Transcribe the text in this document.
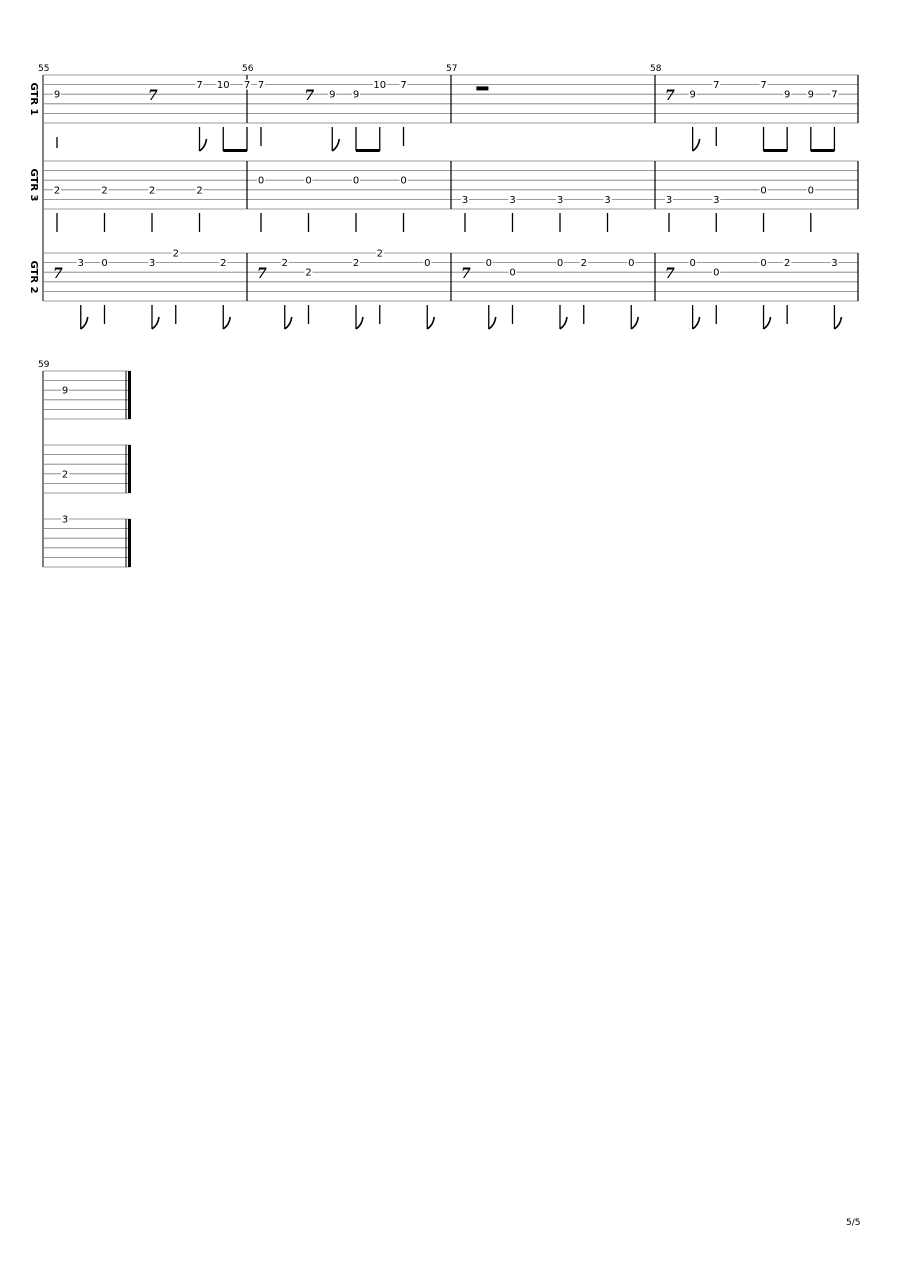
GTR 1
GTR 3
GTR 2
55
9	7
7 10 7
2	2	2	2
7
3 0	3
2
2
56
7
7 9 9
10 7
0	0	0	0
7
2
2
2
2
0
57
3	3	3	3
7
0
0
0 2	0
58
7 9
7	7
9 9 7
3	3
0	0
7
0
0
0 2	3
59
9
2
3
5/5
